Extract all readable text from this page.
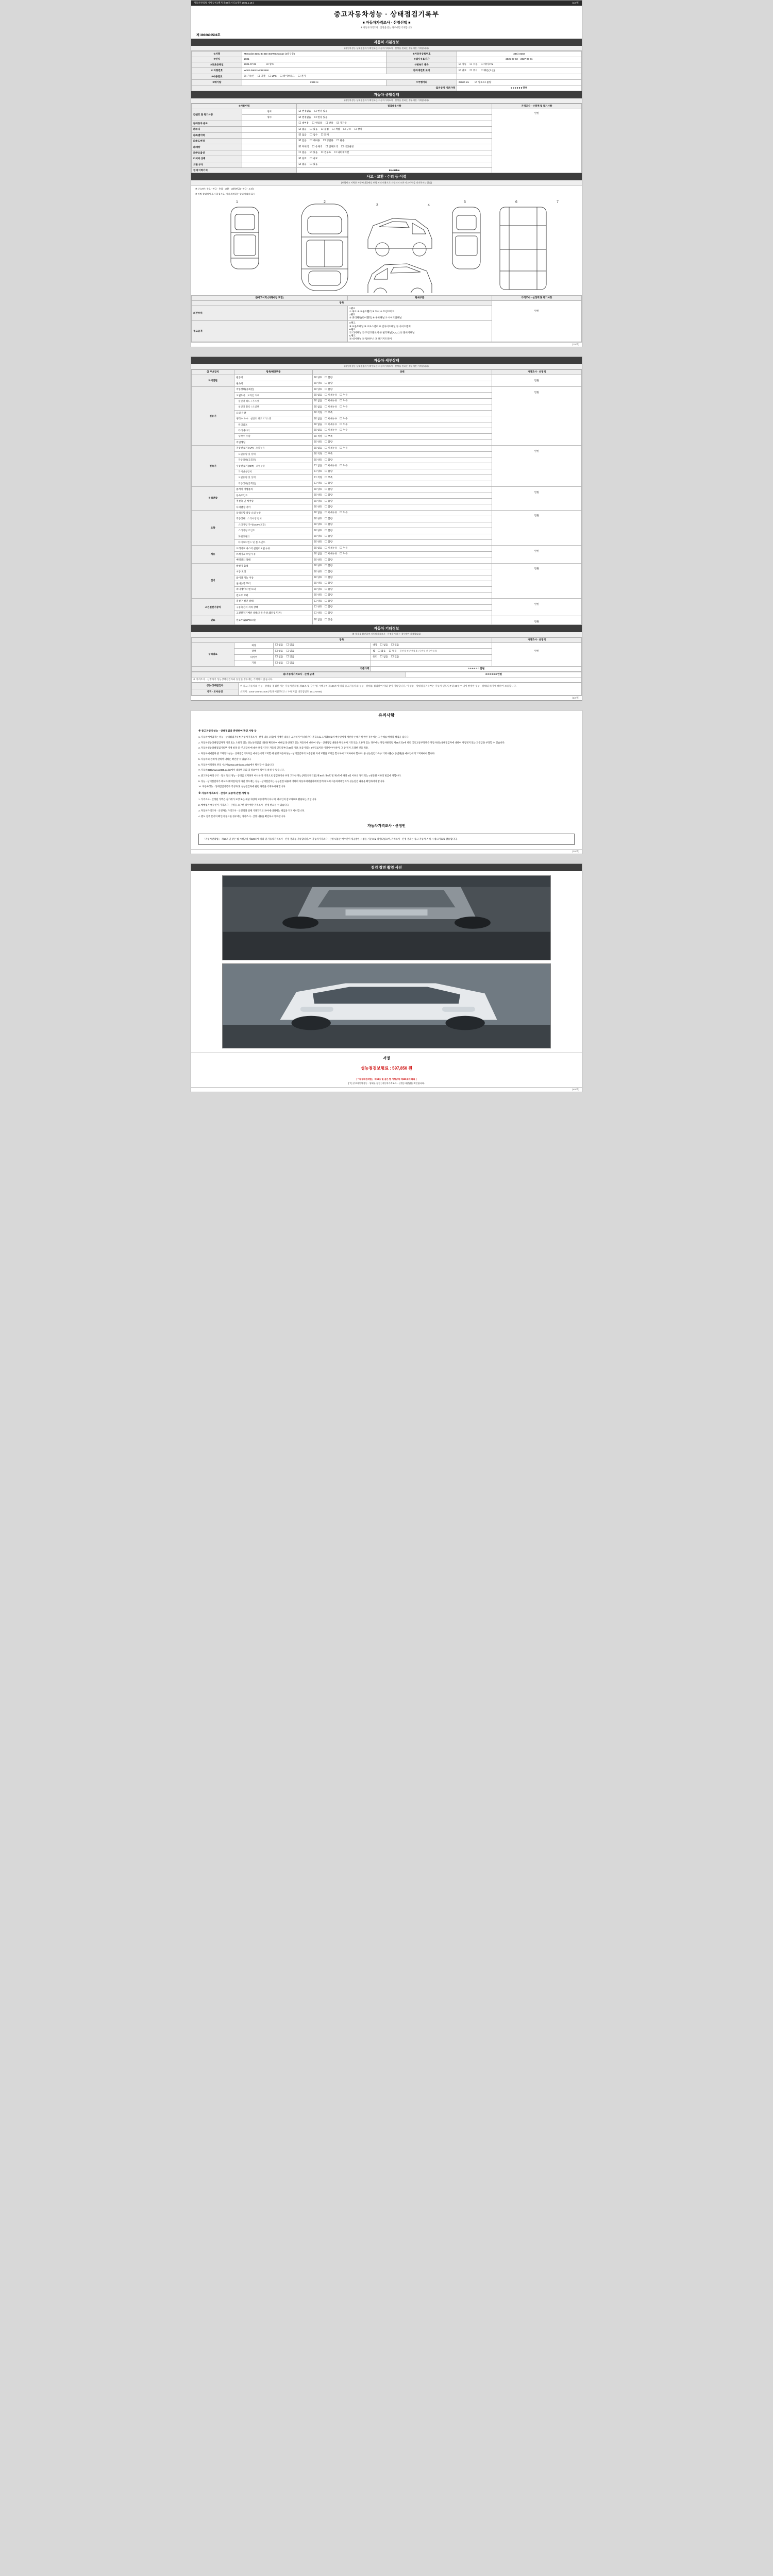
자동차관리법 시행규칙 [별지 제82호서식] (개정 2021.1.19.)	(1/4쪽)
중고자동차성능 · 상태점검기록부
■ 자동차가격조사 · 산정선택 ■
※ 자동차가격조사 · 산정을 받는 경우에만 기재합니다.
제 3936600508호
자동차 기본정보
(자동차성능·상태점검자가 확인하는 자동차가격조사 · 산정을 원하는 경우에만 기재합니다)
①차명	Mercedes-Benz E-350 4MATIC Coupe (4륜구동)	⑧자동차등록번호	386노0302
②연식	2021	⑨검사유효기간	2025-07-02 ~ 2027-07-01
③최초등록일	2021-07-02 ☑ 양호	⑩변속기 종류	☑자동 ☐ 수동 ☐ 세미오토
④ 차량번호	W1K1J5KB1MF163490	⑪차대번호 표기	☑양호 ☐ 부식 ☐ 훼손(오손)
⑤사용연료	☑가솔린 ☐ 디젤 ☐ LPG ☐ 하이브리드 ☐ 전기	
⑥배기량	2999 cc	⑦주행거리	25000 km ☑ 양호 ☐ 불량
⑫자동차 기준가액			0 0 0 0 0 0 만원
자동차 종합상태
(자동차성능·상태점검자가 확인하는 자동차가격조사 · 산정을 원하는 경우에만 기재합니다)
①사용이력		점검내용사항	가격조사 · 산정액 및 특기사항
⑬번호 및 특기사항	양도	☑변경없음 ☐ 변경 있음	만원

	양수	☑변경없음 ☐ 변경 있음
⑭자동차 용도		☐대여용 ☐ 영업용 ☐ 관용 ☑ 자가용
⑮튜닝		☑없음 ☐ 있음 ☐ 불법 ☐ 적법 ☐ 구조 ☐ 장치
⑯특별이력		☑없음 ☐ 침수 ☐ 화재
⑰용도변경		☑없음 ☐ 대여용 ☐ 영업용 ☐ 관용
⑱색상		☑무채색 ☐ 유채색 ☐ 전체도색 ☐ 색상변경
⑲주요옵션		☐없음 ☑ 있음 ☐ 썬루프 ☐ 내비게이션
타이어 상태		☑양호 ☐ 마모
외판 부식		☑없음 ☐ 있음
현재 이력가치		90,499km	
사고 · 교환 · 수리 등 이력
(보험사고 이력은 자동차대물배상 보험 처리 내용으로 자동차의 모든 사고이력을 의미하지는 않음)
※ (사고란 : 주요 · 판금 · 용접 · 교환 · 교환(판금) · 판금 · 도장)
※ 마킹 상태에서 표시 하십시오, 기타 위치하는 상태에 따라 표시
1	2
3	4
5	6	7
⑳사고이력 (피해사항 포함)	단위부품	가격조사 · 산정액 및 특기사항
항목		만원

외판부위	1랭크
① 후드 ② 프론트휀더 ③ 도어 ④ 트렁크리드
2랭크
⑤ 쿼터패널(리어휀더) ⑥ 루프패널 ⑦ 사이드실패널	

주요골격	
A랭크
⑧ 프론트패널 ⑨ 크로스멤버 ⑩ 인사이드패널 ⑪ 사이드멤버
B랭크
⑫ 리어패널 ⑬ 트렁크플로어 ⑭ 필러패널(A,B,C) ⑮ 플로어패널
C랭크
⑯ 대시패널 ⑰ 휠하우스 ⑱ 패키지트레이
(1/4쪽)
자동차 세부상태
(자동차성능·상태점검자가 확인하는 자동차가격조사 · 산정을 원하는 경우에만 기재합니다)
㉑ 주요장치	항목/해당부품	상태	가격조사 · 산정액
자기진단	원동기	☑양호 ☐ 불량	만원

	변속기	☑양호 ☐ 불량
원동기	작동상태(공회전)	☑양호 ☐ 불량	만원

	오일누유 로커암 커버	☑없음 ☐ 미세누유 ☐ 누유
	실린더 헤드 / 가스켓	☑없음 ☐ 미세누유 ☐ 누유
	실린더 블록 / 오일팬	☑없음 ☐ 미세누유 ☐ 누유
	오일 유량	☑적정 ☐ 부족
	냉각수 누수 실린더 헤드 / 가스켓	☑없음 ☐ 미세누수 ☐ 누수
	워터펌프	☑없음 ☐ 미세누수 ☐ 누수
	라디에이터	☑없음 ☐ 미세누수 ☐ 누수
	냉각수 수량	☑적정 ☐ 부족
	커먼레일	☑양호 ☐ 불량
변속기	자동변속기 (A/T) 오일누유	☑없음 ☐ 미세누유 ☐ 누유	만원

	오일유량 및 상태	☑적정 ☐ 부족
	작동상태(공회전)	☑양호 ☐ 불량
	수동변속기 (M/T) 오일누유	☐없음 ☐ 미세누유 ☐ 누유
	기어변속장치	☐양호 ☐ 불량
	오일유량 및 상태	☐적정 ☐ 부족
	작동상태(공회전)	☐양호 ☐ 불량
동력전달	클러치 어셈블리	☑양호 ☐ 불량	만원

	등속조인트	☑양호 ☐ 불량
	추진축 및 베어링	☑양호 ☐ 불량
	디퍼렌셜 기어	☑양호 ☐ 불량
조향	동력조향 작동 오일 누유	☑없음 ☐ 미세누유 ☐ 누유	만원

	작동상태 스티어링 펌프	☑양호 ☐ 불량
	스티어링 기어(MDPS포함)	☑양호 ☐ 불량
	스티어링 조인트	☑양호 ☐ 불량
	파워크랭크	☑양호 ☐ 불량
	타이로드엔드 및 볼 조인트	☑양호 ☐ 불량
제동	브레이크 마스터 실린더오일 누유	☑없음 ☐ 미세누유 ☐ 누유	만원

	브레이크 오일 누유	☑없음 ☐ 미세누유 ☐ 누유
	배력장치 상태	☑양호 ☐ 불량
전기	발전기 출력	☑양호 ☐ 불량	만원

	시동 모터	☑양호 ☐ 불량
	와이퍼 기능 이상	☑양호 ☐ 불량
	실내송풍 모터	☑양호 ☐ 불량
	라디에이터 팬 모터	☑양호 ☐ 불량
	윈도우 모터	☑양호 ☐ 불량
고전원전기장치	충전구 절연 상태	☐양호 ☐ 불량	만원

	구동축전지 격리 상태	☐양호 ☐ 불량
	고전원전기배선 상태(피복,손상,웨더링,단자)	☐양호 ☐ 불량
연료	연료누출(LPG포함)	☑없음 ☐ 있음	만원
자동차 기타정보
(※ 항목을 확인하여 자동차가격조사 · 산정을 원하는 경우에만 기재합니다)
항목				가격조사 · 산정액
수리필요	외장	☐없음 ☐ 있음	내장 ☐ 없음 ☐ 있음	만원

	광택	☐없음 ☐ 있음	휠 ☐ 없음 ☐ 있음 운전석 전 운전석 후 / 동반석 전 동반석 후
	타이어	☐없음 ☐ 있음	유리 ☐ 없음 ☐ 있음
	기타	☐없음 ☐ 있음	
기준가액			0 0 0 0 0 0 만원	
㉒ 자동차가격조사 · 산정 금액	0 0 0 0 0 0 만원
※ 가격조사 · 산정자가 성능상태점검자와 동일한 경우에는 기재하지 않습니다.
성능·상태점검자	위 중고 자동차의 성능 · 상태를 점검한 자는 자동차관리법 제58조 및 같은 법 시행규칙 제120조에 따라 중고자동차의 성능 · 상태를 점검하여 위와 같이 기록합니다. 이 성능 · 상태점검기록부는 자동차 인도일부터 30일 이내에 발생한 성능 · 상태의 하자에 대하여 보증합니다.
소재지 : 1005-104-641006 (주)케이알모터스 / 수원지업 대리점번호 1611-6789)

가격 · 조사산정
(2/4쪽)
유의사항
※ 중고자동차성능 · 상태점검과 관련하여 확인 사항 등
1. 자동차매매업자는 성능 · 상태점검기록부(자동차가격조사 · 산정 내용 포함)에 기재된 내용을 교지하지 아니하거나 거짓으로 고지했으로써 매수인에게 재산상 손해가 발생한 경우에는 그 손해를 배상할 책임을 집니다.
2. 자동차성능상태점검자가 거짓 또는 오류가 있는 성능상태점검 내용을 확인하여 매매를 알선하고 있는 자동차에 대하여 성능 · 상태점검 내용을 확인하여 거짓 또는 오류가 있는 경우에는 자동차관리법 제58조의4에 따라 국토교통부장관은 자동차성능상태점검자에 대하여 사업정지 또는 과징금을 부과할 수 있습니다.
3. 자동차성능상태점검기록부 기재 항목 중 '주요장치'에 대한 보증기간은 자동차 인도일부터 30일 이상, 보증거리는 2천킬로미터 이상이어야 하며, 그 중 먼저 도래한 것을 적용.
4. 자동차매매업자 중 고자동차성능 · 상태점검기록부를 매수인에게 고지할 때 현행 자동차성능 · 상태점검자의 보증범위 외에 교환을 고지를 합니하여 고지하여야 합니다. 중 성능점검기록부 기재 내용(보증범위)을 매수인에게 고지하여야 합니다.
5. 자동차의 손해에 관하여 더하는 확인할 수 있습니다.
6. 자동차이력정보 관리 시스템(www.carhistory.or.kr)에서 확인할 수 있습니다.
7. 자동차365(www.car365.go.kr)에서 내용별 조회 및 정보이력 확인을 하실 수 있습니다.
8. 중고자동차의 구조 · 장치 등의 성능 · 상태를 고지하지 아니한 자 거짓으로 점검하거나 부정 고지한 자는 [자동차관리법] 제 80조 제6호 및 제7호에 따라 2년 이하의 징역 또는 2천만원 이하의 벌금에 처합니다.
9. 성능 · 상태점검자가 매도자(매매업자)가 아닌 경우에는 성능 · 상태점검자는 성능점검 내용에 대하여 자동차매매업자에게 알려야 하며 자동차매매업자가 성능점검 내용을 확인하여야 합니다.
10. 자동차성능 · 상태점검기록부 작성자 및 성능점검자에 관련 사항을 기재하여야 합니다.
※ 자동차가격조사 · 산정의 보증에 관한 사항 등
1. 가격조사 · 산정된 가액은 실거래가 보장 또는 해당 차량의 보증가액이 아니며, 매수인의 참고자료로 활용되는 것입니다.
2. 매매업자 매수인이 가격조사 · 산정을 요구한 경우에만 가격조사 · 산정 받으실 수 있습니다.
3. 자동차가격조사 · 산정자는 가격조사 · 산정액과 실제 거래가격의 차이에 대해서는 책임을 지지 아니합니다.
4. 별도 첨부 문서의 확인이 필요한 경우에는 가격조사 · 산정 내용을 확인하시기 바랍니다.
자동차가격조사 · 산정인
「자동차관리법」 제58조 및 같은 법 시행규칙 제120조에 따라 위 자동차가격조사 · 산정 결과를 기록합니다. 이 자동차가격조사 · 산정 내용은 매수인이 제공받은 시점을 기준으로 작성되었으며, 가격조사 · 산정 결과는 중고 자동차 거래 시 참고자료로 활용됩니다.
(3/4쪽)
점검 장면 촬영 사진
서명
성능점검보험료 : 597,850 원
[ * 자동차관리법」 제58조 및 같은 법 시행규칙 제120조에 따라 ]
[ Y ] 중고자동차성능 · 상태를 점검 [ 자동차가격조사 · 산정 ] 바랍없음 확인합니다.
(4/4쪽)
